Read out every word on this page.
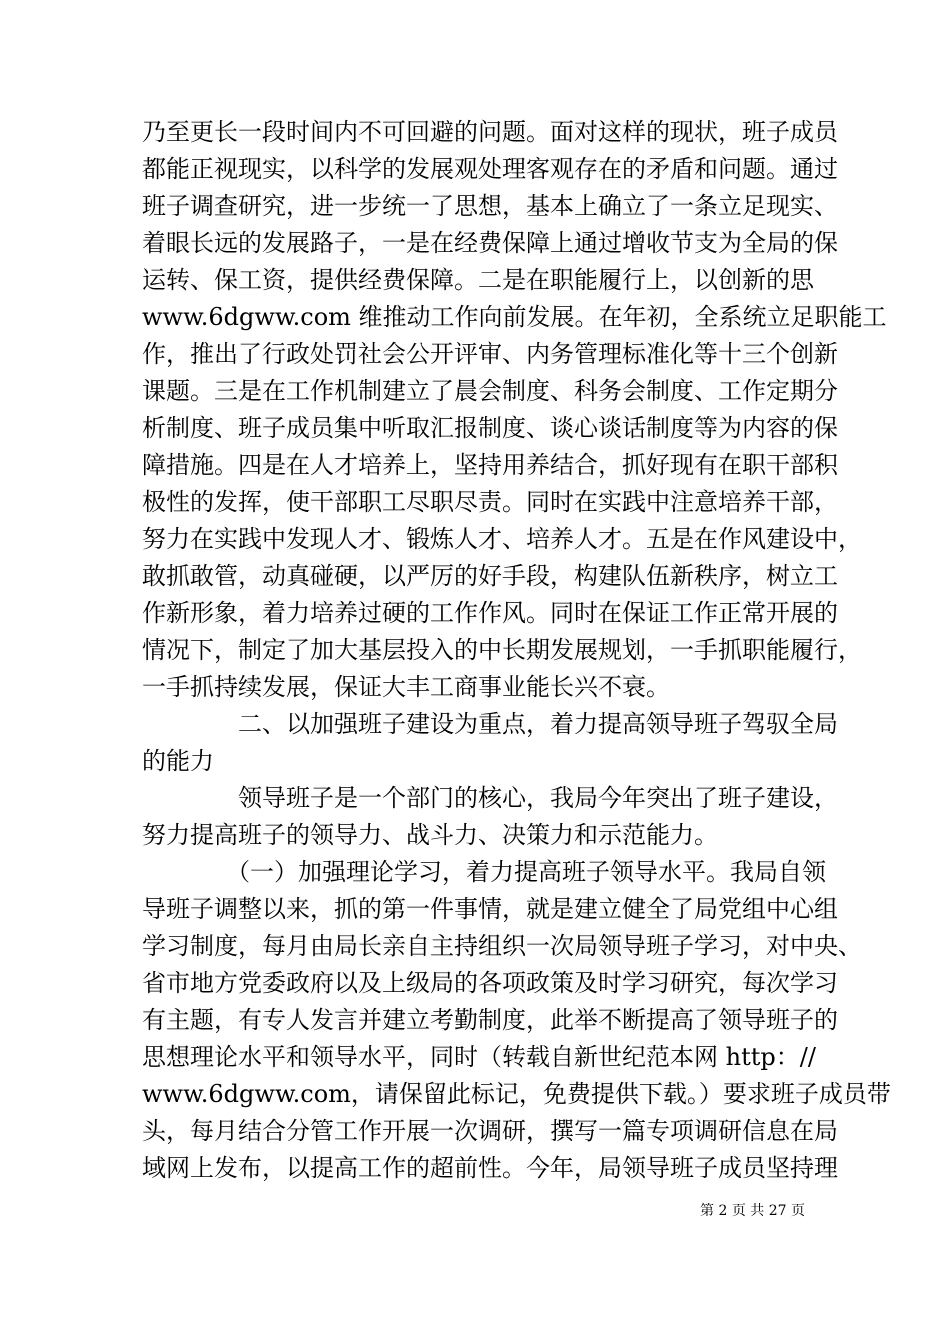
乃至更长一段时间内不可回避的问题。面对这样的现状，班子成员
都能正视现实，以科学的发展观处理客观存在的矛盾和问题。通过
班子调查研究，进一步统一了思想，基本上确立了一条立足现实、
着眼长远的发展路子，一是在经费保障上通过增收节支为全局的保
运转、保工资，提供经费保障。二是在职能履行上，以创新的思
www.6dgww.com 维推动工作向前发展。在年初，全系统立足职能工
作，推出了行政处罚社会公开评审、内务管理标准化等十三个创新
课题。三是在工作机制建立了晨会制度、科务会制度、工作定期分
析制度、班子成员集中听取汇报制度、谈心谈话制度等为内容的保
障措施。四是在人才培养上，坚持用养结合，抓好现有在职干部积
极性的发挥，使干部职工尽职尽责。同时在实践中注意培养干部，
努力在实践中发现人才、锻炼人才、培养人才。五是在作风建设中，
敢抓敢管，动真碰硬，以严厉的好手段，构建队伍新秩序，树立工
作新形象，着力培养过硬的工作作风。同时在保证工作正常开展的
情况下，制定了加大基层投入的中长期发展规划，一手抓职能履行，
一手抓持续发展，保证大丰工商事业能长兴不衰。
　　　　二、以加强班子建设为重点，着力提高领导班子驾驭全局
的能力
　　　　领导班子是一个部门的核心，我局今年突出了班子建设，
努力提高班子的领导力、战斗力、决策力和示范能力。
　　　　（一）加强理论学习，着力提高班子领导水平。我局自领
导班子调整以来，抓的第一件事情，就是建立健全了局党组中心组
学习制度，每月由局长亲自主持组织一次局领导班子学习，对中央、
省市地方党委政府以及上级局的各项政策及时学习研究，每次学习
有主题，有专人发言并建立考勤制度，此举不断提高了领导班子的
思想理论水平和领导水平，同时（转载自新世纪范本网 http：//
www.6dgww.com，请保留此标记，免费提供下载。）要求班子成员带
头，每月结合分管工作开展一次调研，撰写一篇专项调研信息在局
域网上发布，以提高工作的超前性。今年，局领导班子成员坚持理
第 2 页 共 27 页
